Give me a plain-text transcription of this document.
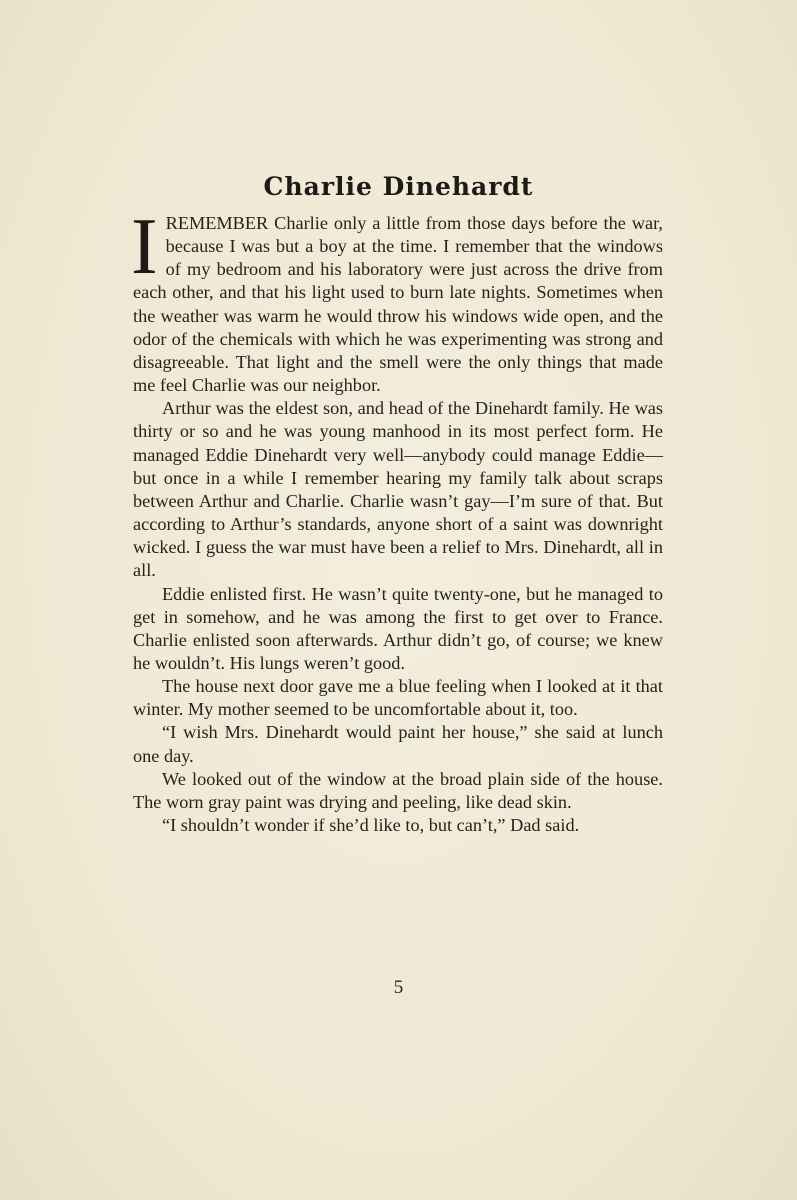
Charlie Dinehardt

I REMEMBER Charlie only a little from those days before the war, because I was but a boy at the time. I remember that the windows of my bedroom and his laboratory were just across the drive from each other, and that his light used to burn late nights. Sometimes when the weather was warm he would throw his windows wide open, and the odor of the chemicals with which he was experimenting was strong and disagreeable. That light and the smell were the only things that made me feel Charlie was our neighbor.

Arthur was the eldest son, and head of the Dinehardt family. He was thirty or so and he was young manhood in its most perfect form. He managed Eddie Dinehardt very well—anybody could manage Eddie—but once in a while I remember hearing my family talk about scraps between Arthur and Charlie. Charlie wasn’t gay—I’m sure of that. But according to Arthur’s standards, anyone short of a saint was downright wicked. I guess the war must have been a relief to Mrs. Dinehardt, all in all.

Eddie enlisted first. He wasn’t quite twenty-one, but he managed to get in somehow, and he was among the first to get over to France. Charlie enlisted soon afterwards. Arthur didn’t go, of course; we knew he wouldn’t. His lungs weren’t good.

The house next door gave me a blue feeling when I looked at it that winter. My mother seemed to be uncomfortable about it, too.

“I wish Mrs. Dinehardt would paint her house,” she said at lunch one day.

We looked out of the window at the broad plain side of the house. The worn gray paint was drying and peeling, like dead skin.

“I shouldn’t wonder if she’d like to, but can’t,” Dad said.

5
